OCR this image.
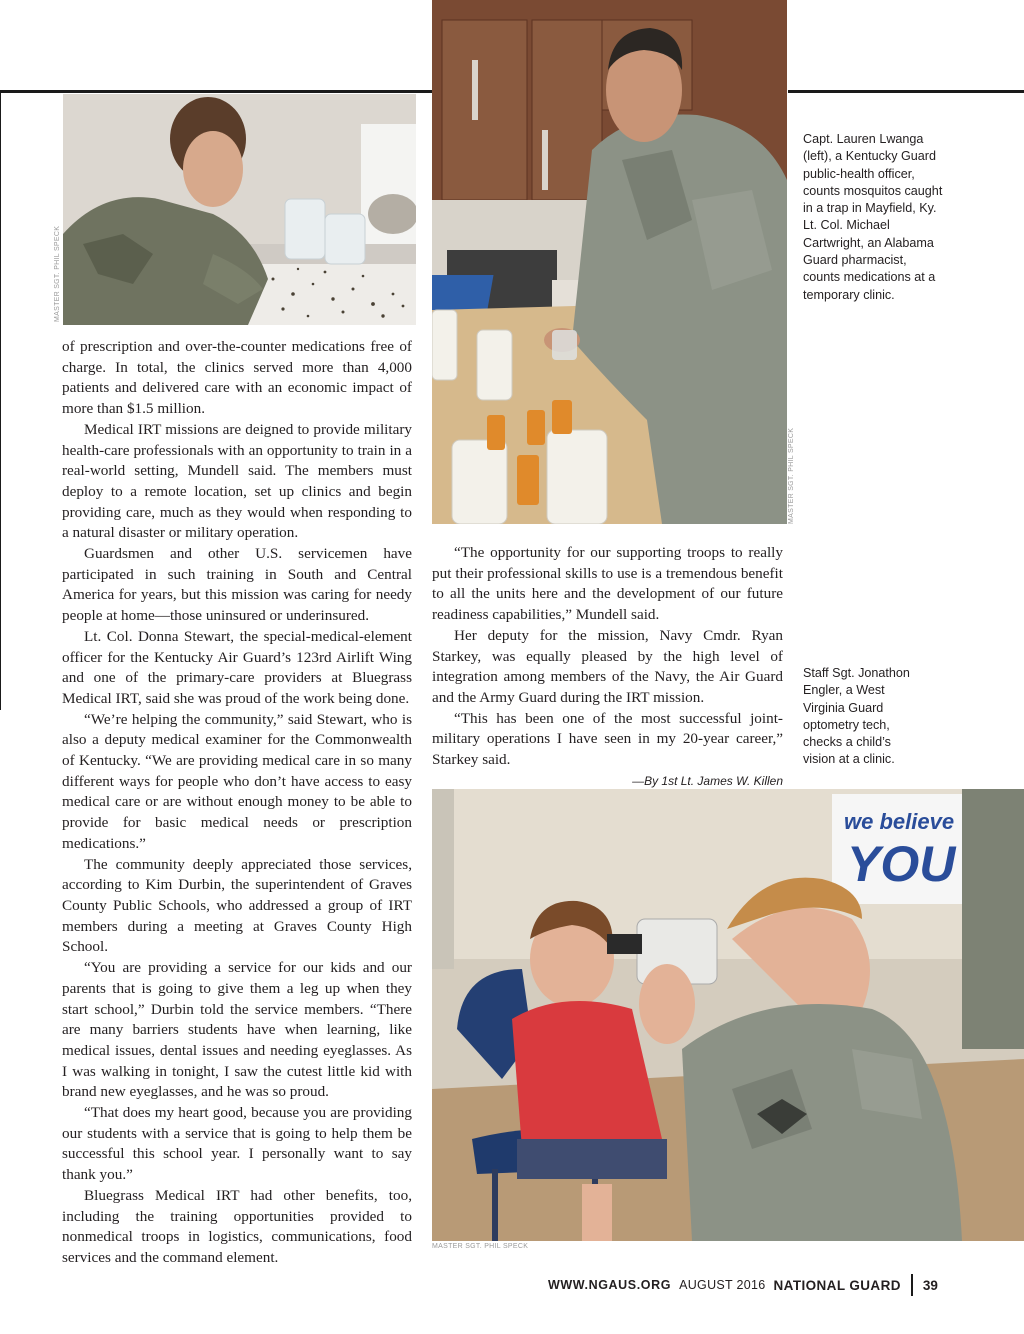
MASTER SGT. PHIL SPECK
MASTER SGT. PHIL SPECK

of prescription and over-the-counter medications free of charge. In total, the clinics served more than 4,000 patients and delivered care with an economic impact of more than $1.5 million.

Medical IRT missions are deigned to provide military health-care professionals with an opportunity to train in a real-world setting, Mundell said. The members must deploy to a remote location, set up clinics and begin providing care, much as they would when responding to a natural disaster or military operation.

Guardsmen and other U.S. servicemen have participated in such training in South and Central America for years, but this mission was caring for needy people at home—those uninsured or underinsured.

Lt. Col. Donna Stewart, the special-medical-element officer for the Kentucky Air Guard’s 123rd Airlift Wing and one of the primary-care providers at Bluegrass Medical IRT, said she was proud of the work being done.

“We’re helping the community,” said Stewart, who is also a deputy medical examiner for the Commonwealth of Kentucky. “We are providing medical care in so many different ways for people who don’t have access to easy medical care or are without enough money to be able to provide for basic medical needs or prescription medications.”

The community deeply appreciated those services, according to Kim Durbin, the superintendent of Graves County Public Schools, who addressed a group of IRT members during a meeting at Graves County High School.

“You are providing a service for our kids and our parents that is going to give them a leg up when they start school,” Durbin told the service members. “There are many barriers students have when learning, like medical issues, dental issues and needing eyeglasses. As I was walking in tonight, I saw the cutest little kid with brand new eyeglasses, and he was so proud.

“That does my heart good, because you are providing our students with a service that is going to help them be successful this school year. I personally want to say thank you.”

Bluegrass Medical IRT had other benefits, too, including the training opportunities provided to nonmedical troops in logistics, communications, food services and the command element.

“The opportunity for our supporting troops to really put their professional skills to use is a tremendous benefit to all the units here and the development of our future readiness capabilities,” Mundell said.

Her deputy for the mission, Navy Cmdr. Ryan Starkey, was equally pleased by the high level of integration among members of the Navy, the Air Guard and the Army Guard during the IRT mission.

“This has been one of the most successful joint-military operations I have seen in my 20-year career,” Starkey said.

—By 1st Lt. James W. Killen
Capt. Lauren Lwanga (left), a Kentucky Guard public-health officer, counts mosquitos caught in a trap in Mayfield, Ky. Lt. Col. Michael Cartwright, an Alabama Guard pharmacist, counts medications at a temporary clinic.
Staff Sgt. Jonathon Engler, a West Virginia Guard optometry tech, checks a child’s vision at a clinic.
we believe
YOU
MASTER SGT. PHIL SPECK
WWW.NGAUS.ORG AUGUST 2016 NATIONAL GUARD 39
